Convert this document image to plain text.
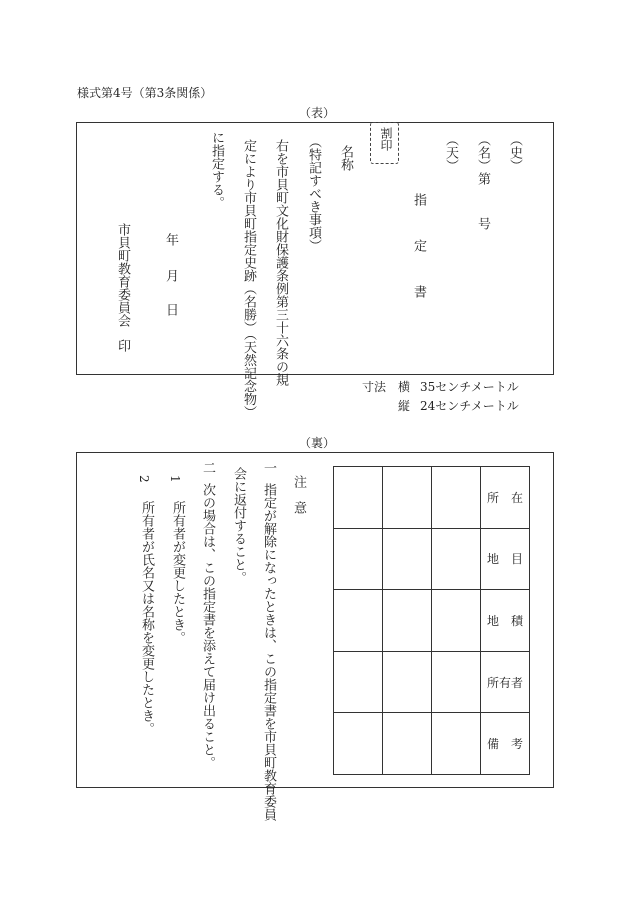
様式第4号（第3条関係）
（表）
（史）
（名）第
号
（天）
指
定
書
割印
名称
（特記すべき事項）
右を市貝町文化財保護条例第三十六条の規
定により市貝町指定史跡（名勝）（天然記念物）
に指定する。
年
月
日
市貝町教育委員会
印
寸法 横 35センチメートル
縦 24センチメートル
（裏）

			所　在

			地　目

			地　積

			所有者

			備　考
注　意
一
指定が解除になったときは、この指定書を市貝町教育委員
会に返付すること。
二
次の場合は、この指定書を添えて届け出ること。
1
所有者が変更したとき。
2
所有者が氏名又は名称を変更したとき。
